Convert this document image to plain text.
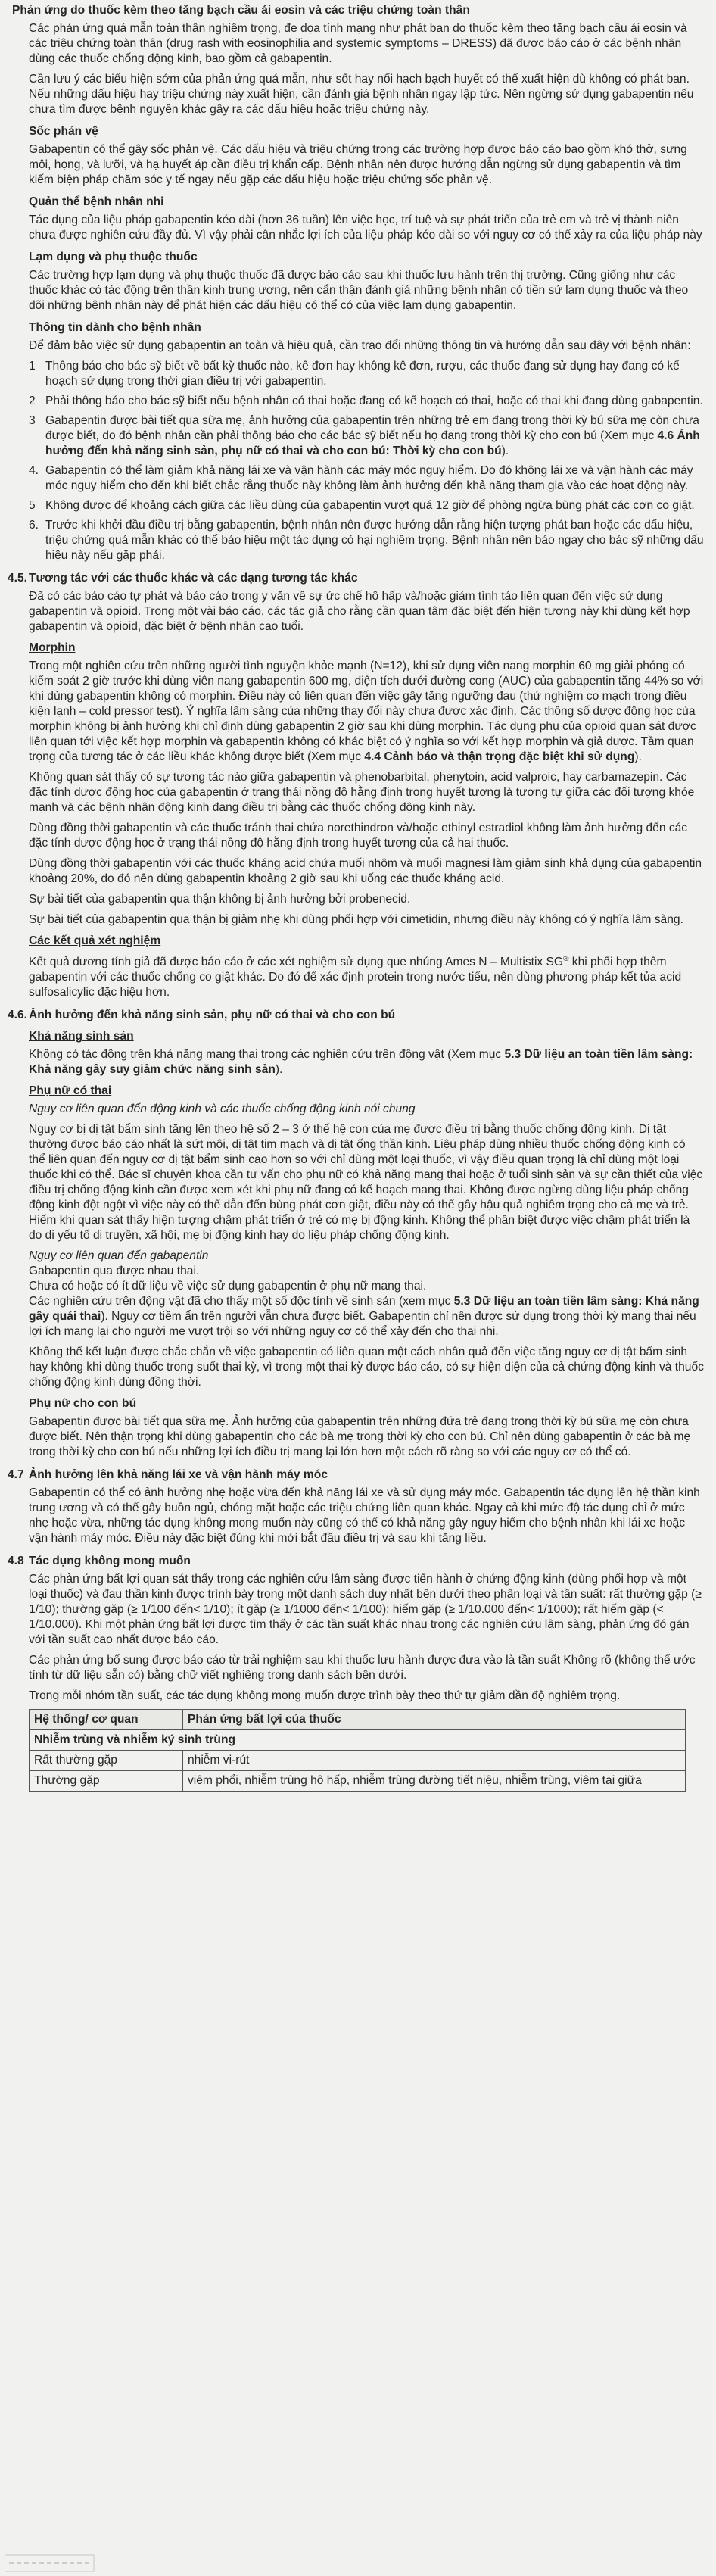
Phản ứng do thuốc kèm theo tăng bạch cầu ái eosin và các triệu chứng toàn thân

Các phản ứng quá mẫn toàn thân nghiêm trọng, đe dọa tính mạng như phát ban do thuốc kèm theo tăng bạch cầu ái eosin và các triệu chứng toàn thân (drug rash with eosinophilia and systemic symptoms – DRESS) đã được báo cáo ở các bệnh nhân dùng các thuốc chống động kinh, bao gồm cả gabapentin.

Cần lưu ý các biểu hiện sớm của phản ứng quá mẫn, như sốt hay nổi hạch bạch huyết có thể xuất hiện dù không có phát ban. Nếu những dấu hiệu hay triệu chứng này xuất hiện, cần đánh giá bệnh nhân ngay lập tức. Nên ngừng sử dụng gabapentin nếu chưa tìm được bệnh nguyên khác gây ra các dấu hiệu hoặc triệu chứng này.

Sốc phản vệ

Gabapentin có thể gây sốc phản vệ. Các dấu hiệu và triệu chứng trong các trường hợp được báo cáo bao gồm khó thở, sưng môi, họng, và lưỡi, và hạ huyết áp cần điều trị khẩn cấp. Bệnh nhân nên được hướng dẫn ngừng sử dụng gabapentin và tìm kiếm biện pháp chăm sóc y tế ngay nếu gặp các dấu hiệu hoặc triệu chứng sốc phản vệ.

Quản thể bệnh nhân nhi

Tác dụng của liệu pháp gabapentin kéo dài (hơn 36 tuần) lên việc học, trí tuệ và sự phát triển của trẻ em và trẻ vị thành niên chưa được nghiên cứu đầy đủ. Vì vậy phải cân nhắc lợi ích của liệu pháp kéo dài so với nguy cơ có thể xảy ra của liệu pháp này

Lạm dụng và phụ thuộc thuốc

Các trường hợp lạm dụng và phụ thuộc thuốc đã được báo cáo sau khi thuốc lưu hành trên thị trường. Cũng giống như các thuốc khác có tác động trên thần kinh trung ương, nên cẩn thận đánh giá những bệnh nhân có tiền sử lạm dụng thuốc và theo dõi những bệnh nhân này để phát hiện các dấu hiệu có thể có của việc lạm dụng gabapentin.

Thông tin dành cho bệnh nhân

Để đảm bảo việc sử dụng gabapentin an toàn và hiệu quả, cần trao đổi những thông tin và hướng dẫn sau đây với bệnh nhân:

1 Thông báo cho bác sỹ biết về bất kỳ thuốc nào, kê đơn hay không kê đơn, rượu, các thuốc đang sử dụng hay đang có kế hoạch sử dụng trong thời gian điều trị với gabapentin.
2 Phải thông báo cho bác sỹ biết nếu bệnh nhân có thai hoặc đang có kế hoạch có thai, hoặc có thai khi đang dùng gabapentin.
3 Gabapentin được bài tiết qua sữa mẹ, ảnh hưởng của gabapentin trên những trẻ em đang trong thời kỳ bú sữa mẹ còn chưa được biết, do đó bệnh nhân cần phải thông báo cho các bác sỹ biết nếu họ đang trong thời kỳ cho con bú (Xem mục 4.6 Ảnh hưởng đến khả năng sinh sản, phụ nữ có thai và cho con bú: Thời kỳ cho con bú).
4. Gabapentin có thể làm giảm khả năng lái xe và vận hành các máy móc nguy hiểm. Do đó không lái xe và vận hành các máy móc nguy hiểm cho đến khi biết chắc rằng thuốc này không làm ảnh hưởng đến khả năng tham gia vào các hoạt động này.
5 Không được để khoảng cách giữa các liều dùng của gabapentin vượt quá 12 giờ để phòng ngừa bùng phát các cơn co giật.
6. Trước khi khởi đầu điều trị bằng gabapentin, bệnh nhân nên được hướng dẫn rằng hiện tượng phát ban hoặc các dấu hiệu, triệu chứng quá mẫn khác có thể báo hiệu một tác dụng có hại nghiêm trọng. Bệnh nhân nên báo ngay cho bác sỹ những dấu hiệu này nếu gặp phải.
4.5. Tương tác với các thuốc khác và các dạng tương tác khác

Đã có các báo cáo tự phát và báo cáo trong y văn về sự ức chế hô hấp và/hoặc giảm tình táo liên quan đến việc sử dụng gabapentin và opioid. Trong một vài báo cáo, các tác giả cho rằng cần quan tâm đặc biệt đến hiện tượng này khi dùng kết hợp gabapentin và opioid, đặc biệt ở bệnh nhân cao tuổi.

Morphin

Trong một nghiên cứu trên những người tình nguyện khỏe mạnh (N=12), khi sử dụng viên nang morphin 60 mg giải phóng có kiểm soát 2 giờ trước khi dùng viên nang gabapentin 600 mg, diện tích dưới đường cong (AUC) của gabapentin tăng 44% so với khi dùng gabapentin không có morphin. Điều này có liên quan đến việc gây tăng ngưỡng đau (thử nghiệm co mạch trong điều kiện lạnh – cold pressor test). Ý nghĩa lâm sàng của những thay đổi này chưa được xác định. Các thông số dược động học của morphin không bị ảnh hưởng khi chỉ định dùng gabapentin 2 giờ sau khi dùng morphin. Tác dụng phụ của opioid quan sát được liên quan tới việc kết hợp morphin và gabapentin không có khác biệt có ý nghĩa so với kết hợp morphin và giả dược. Tầm quan trọng của tương tác ở các liều khác không được biết (Xem mục 4.4 Cảnh báo và thận trọng đặc biệt khi sử dụng).

Không quan sát thấy có sự tương tác nào giữa gabapentin và phenobarbital, phenytoin, acid valproic, hay carbamazepin. Các đặc tính dược động học của gabapentin ở trạng thái nồng độ hằng định trong huyết tương là tương tự giữa các đối tượng khỏe mạnh và các bệnh nhân động kinh đang điều trị bằng các thuốc chống động kinh này.

Dùng đồng thời gabapentin và các thuốc tránh thai chứa norethindron và/hoặc ethinyl estradiol không làm ảnh hưởng đến các đặc tính dược động học ở trạng thái nồng độ hằng định trong huyết tương của cả hai thuốc.

Dùng đồng thời gabapentin với các thuốc kháng acid chứa muối nhôm và muối magnesi làm giảm sinh khả dụng của gabapentin khoảng 20%, do đó nên dùng gabapentin khoảng 2 giờ sau khi uống các thuốc kháng acid.

Sự bài tiết của gabapentin qua thận không bị ảnh hưởng bởi probenecid.

Sự bài tiết của gabapentin qua thận bị giảm nhẹ khi dùng phối hợp với cimetidin, nhưng điều này không có ý nghĩa lâm sàng.

Các kết quả xét nghiệm

Kết quả dương tính giả đã được báo cáo ở các xét nghiệm sử dụng que nhúng Ames N – Multistix SG® khi phối hợp thêm gabapentin với các thuốc chống co giật khác. Do đó để xác định protein trong nước tiểu, nên dùng phương pháp kết tủa acid sulfosalicylic đặc hiệu hơn.

4.6. Ảnh hưởng đến khả năng sinh sản, phụ nữ có thai và cho con bú

Khả năng sinh sản

Không có tác động trên khả năng mang thai trong các nghiên cứu trên động vật (Xem mục 5.3 Dữ liệu an toàn tiền lâm sàng: Khả năng gây suy giảm chức năng sinh sản).

Phụ nữ có thai

Nguy cơ liên quan đến động kinh và các thuốc chống động kinh nói chung

Nguy cơ bị dị tật bẩm sinh tăng lên theo hệ số 2 – 3 ở thế hệ con của mẹ được điều trị bằng thuốc chống động kinh. Dị tật thường được báo cáo nhất là sứt môi, dị tật tim mạch và dị tật ống thần kinh. Liệu pháp dùng nhiều thuốc chống động kinh có thể liên quan đến nguy cơ dị tật bẩm sinh cao hơn so với chỉ dùng một loại thuốc, vì vậy điều quan trọng là chỉ dùng một loại thuốc khi có thể. Bác sĩ chuyên khoa cần tư vấn cho phụ nữ có khả năng mang thai hoặc ở tuổi sinh sản và sự cần thiết của việc điều trị chống động kinh cần được xem xét khi phụ nữ đang có kế hoạch mang thai. Không được ngừng dùng liệu pháp chống động kinh đột ngột vì việc này có thể dẫn đến bùng phát cơn giật, điều này có thể gây hậu quả nghiêm trọng cho cả mẹ và trẻ. Hiếm khi quan sát thấy hiện tượng chậm phát triển ở trẻ có mẹ bị động kinh. Không thể phân biệt được việc chậm phát triển là do di yếu tố di truyền, xã hội, mẹ bị động kinh hay do liệu pháp chống động kinh.

Nguy cơ liên quan đến gabapentin

Gabapentin qua được nhau thai.

Chưa có hoặc có ít dữ liệu về việc sử dụng gabapentin ở phụ nữ mang thai.

Các nghiên cứu trên động vật đã cho thấy một số độc tính về sinh sản (xem mục 5.3 Dữ liệu an toàn tiền lâm sàng: Khả năng gây quái thai). Nguy cơ tiềm ẩn trên người vẫn chưa được biết. Gabapentin chỉ nên được sử dụng trong thời kỳ mang thai nếu lợi ích mang lại cho người mẹ vượt trội so với những nguy cơ có thể xảy đến cho thai nhi.

Không thể kết luận được chắc chắn về việc gabapentin có liên quan một cách nhân quả đến việc tăng nguy cơ dị tật bẩm sinh hay không khi dùng thuốc trong suốt thai kỳ, vì trong một thai kỳ được báo cáo, có sự hiện diện của cả chứng động kinh và thuốc chống động kinh dùng đồng thời.

Phụ nữ cho con bú

Gabapentin được bài tiết qua sữa mẹ. Ảnh hưởng của gabapentin trên những đứa trẻ đang trong thời kỳ bú sữa mẹ còn chưa được biết. Nên thận trọng khi dùng gabapentin cho các bà mẹ trong thời kỳ cho con bú. Chỉ nên dùng gabapentin ở các bà mẹ trong thời kỳ cho con bú nếu những lợi ích điều trị mang lại lớn hơn một cách rõ ràng so với các nguy cơ có thể có.

4.7 Ảnh hưởng lên khả năng lái xe và vận hành máy móc

Gabapentin có thể có ảnh hưởng nhẹ hoặc vừa đến khả năng lái xe và sử dụng máy móc. Gabapentin tác dụng lên hệ thần kinh trung ương và có thể gây buồn ngủ, chóng mặt hoặc các triệu chứng liên quan khác. Ngay cả khi mức độ tác dụng chỉ ở mức nhẹ hoặc vừa, những tác dụng không mong muốn này cũng có thể có khả năng gây nguy hiểm cho bệnh nhân khi lái xe hoặc vận hành máy móc. Điều này đặc biệt đúng khi mới bắt đầu điều trị và sau khi tăng liều.

4.8 Tác dụng không mong muốn

Các phản ứng bất lợi quan sát thấy trong các nghiên cứu lâm sàng được tiến hành ở chứng động kinh (dùng phối hợp và một loại thuốc) và đau thần kinh được trình bày trong một danh sách duy nhất bên dưới theo phân loại và tần suất: rất thường gặp (≥ 1/10); thường gặp (≥ 1/100 đến< 1/10); ít gặp (≥ 1/1000 đến< 1/100); hiếm gặp (≥ 1/10.000 đến< 1/1000); rất hiếm gặp (< 1/10.000). Khi một phản ứng bất lợi được tìm thấy ở các tần suất khác nhau trong các nghiên cứu lâm sàng, phản ứng đó gán với tần suất cao nhất được báo cáo.

Các phản ứng bổ sung được báo cáo từ trải nghiệm sau khi thuốc lưu hành được đưa vào là tần suất Không rõ (không thể ước tính từ dữ liệu sẵn có) bằng chữ viết nghiêng trong danh sách bên dưới.

Trong mỗi nhóm tần suất, các tác dụng không mong muốn được trình bày theo thứ tự giảm dần độ nghiêm trọng.

Hệ thống/ cơ quan	Phản ứng bất lợi của thuốc
Nhiễm trùng và nhiễm ký sinh trùng	
Rất thường gặp	nhiễm vi-rút
Thường gặp	viêm phổi, nhiễm trùng hô hấp, nhiễm trùng đường tiết niệu, nhiễm trùng, viêm tai giữa
